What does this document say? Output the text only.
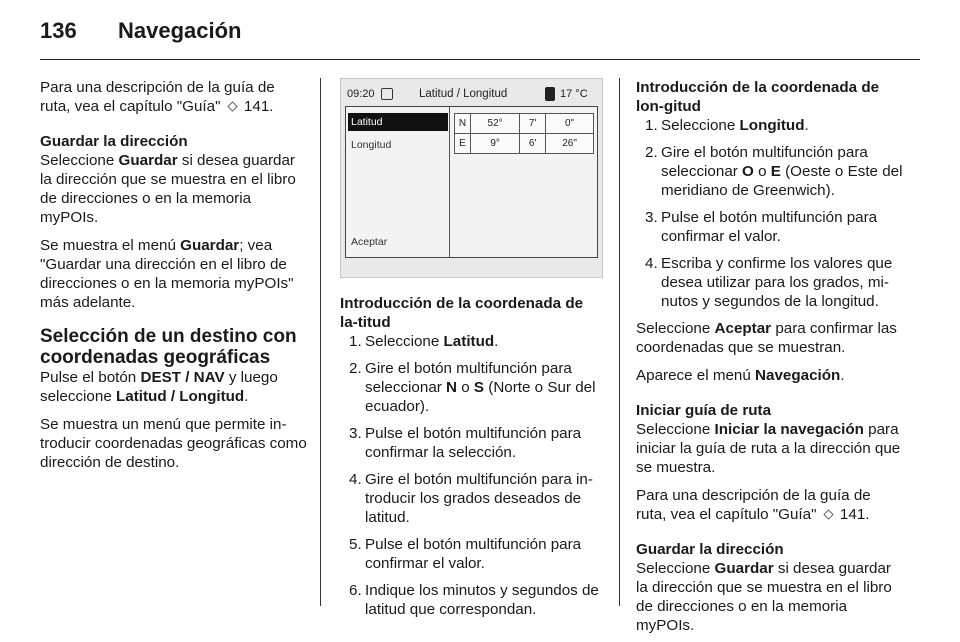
136 Navegación

Para una descripción de la guía de ruta, vea el capítulo "Guía"  141.

Guardar la dirección

Seleccione Guardar si desea guardar la dirección que se muestra en el libro de direcciones o en la memoria myPOIs.

Se muestra el menú Guardar; vea "Guardar una dirección en el libro de direcciones o en la memoria myPOIs" más adelante.

Selección de un destino con coordenadas geográficas

Pulse el botón DEST / NAV y luego seleccione Latitud / Longitud.

Se muestra un menú que permite in-troducir coordenadas geográficas como dirección de destino.

09:20	Latitud / Longitud	17 °C
Latitud
Longitud
Aceptar
N	52°	7'	0"
E	9°	6'	26"
Introducción de la coordenada de la-titud
1. Seleccione Latitud.
2. Gire el botón multifunción para seleccionar N o S (Norte o Sur del ecuador).
3. Pulse el botón multifunción para confirmar la selección.
4. Gire el botón multifunción para in-troducir los grados deseados de latitud.
5. Pulse el botón multifunción para confirmar el valor.
6. Indique los minutos y segundos de latitud que correspondan.
Introducción de la coordenada de lon-gitud
1. Seleccione Longitud.
2. Gire el botón multifunción para seleccionar O o E (Oeste o Este del meridiano de Greenwich).
3. Pulse el botón multifunción para confirmar el valor.
4. Escriba y confirme los valores que desea utilizar para los grados, mi-nutos y segundos de la longitud.

Seleccione Aceptar para confirmar las coordenadas que se muestran.

Aparece el menú Navegación.

Iniciar guía de ruta

Seleccione Iniciar la navegación para iniciar la guía de ruta a la dirección que se muestra.

Para una descripción de la guía de ruta, vea el capítulo "Guía"  141.

Guardar la dirección

Seleccione Guardar si desea guardar la dirección que se muestra en el libro de direcciones o en la memoria myPOIs.
